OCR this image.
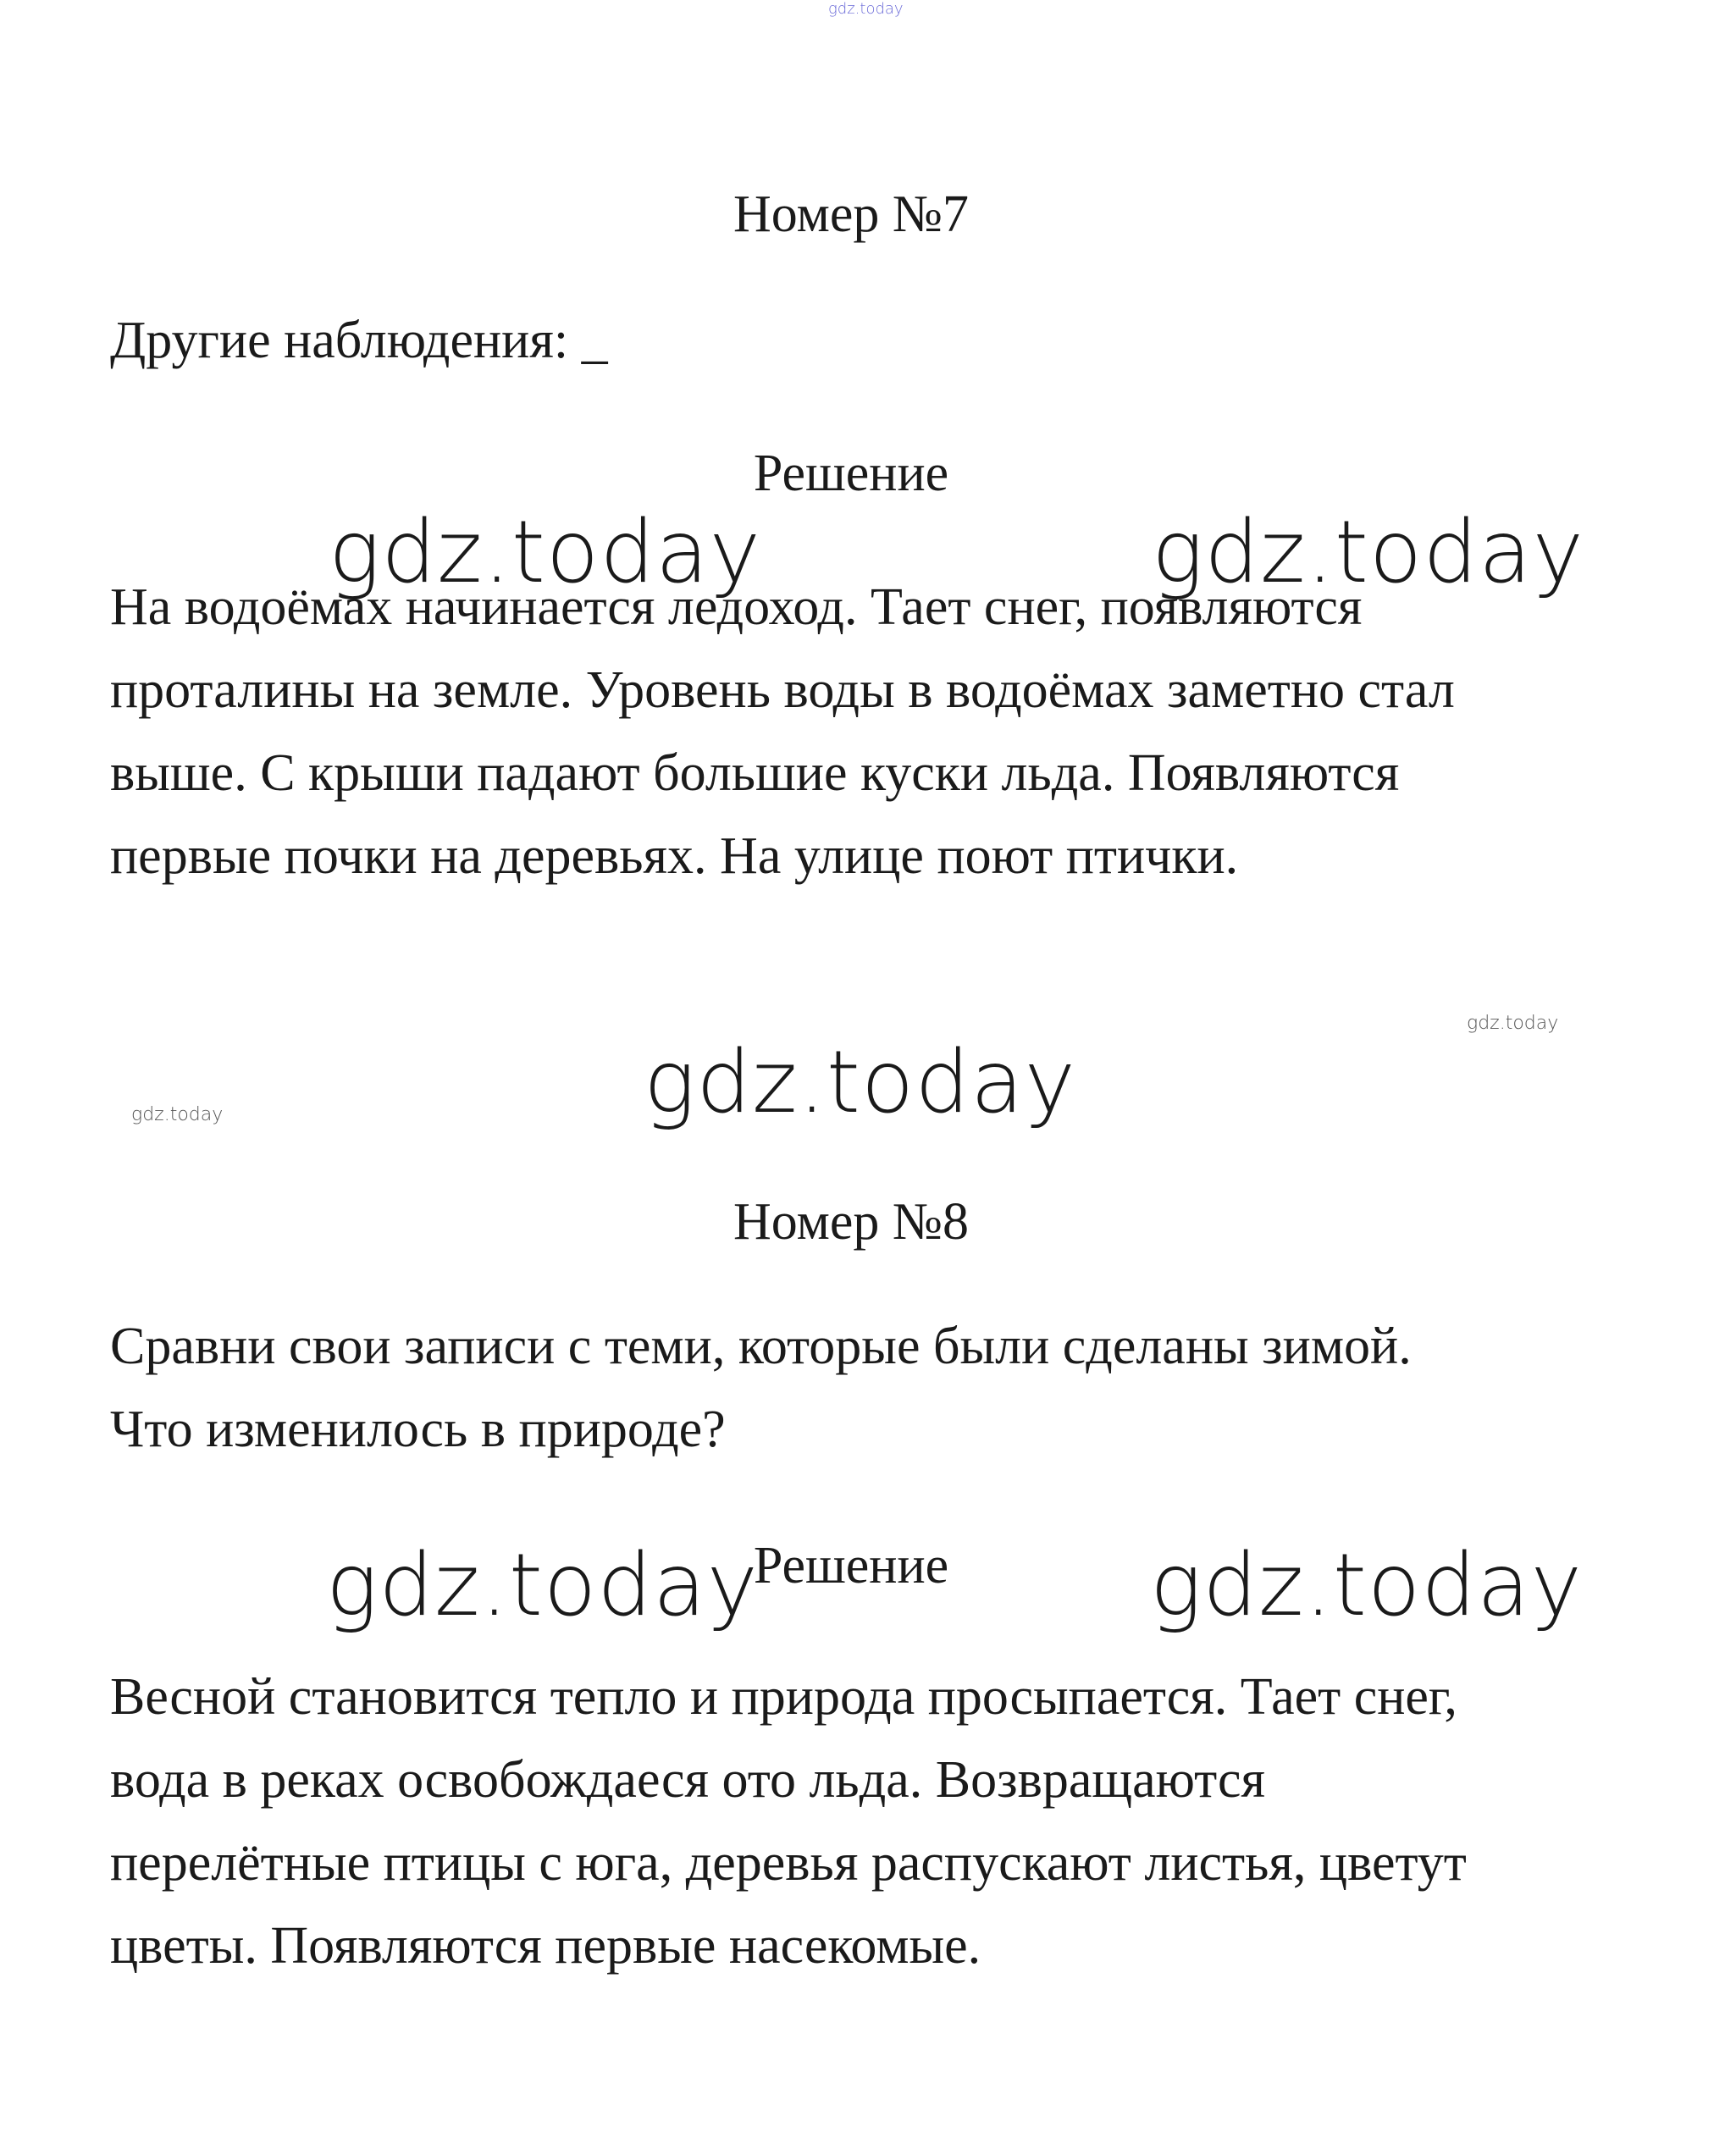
gdz.today
Номер №7
Другие наблюдения: _
Решение
gdz.today	gdz.today
На водоёмах начинается ледоход. Тает снег, появляются
проталины на земле. Уровень воды в водоёмах заметно стал
выше. С крыши падают большие куски льда. Появляются
первые почки на деревьях. На улице поют птички.
gdz.today
gdz.today
gdz.today
Номер №8
Сравни свои записи с теми, которые были сделаны зимой.
Что изменилось в природе?
gdz.today
Решение	gdz.today
Весной становится тепло и природа просыпается. Тает снег,
вода в реках освобождаеся ото льда. Возвращаются
перелётные птицы с юга, деревья распускают листья, цветут
цветы. Появляются первые насекомые.
